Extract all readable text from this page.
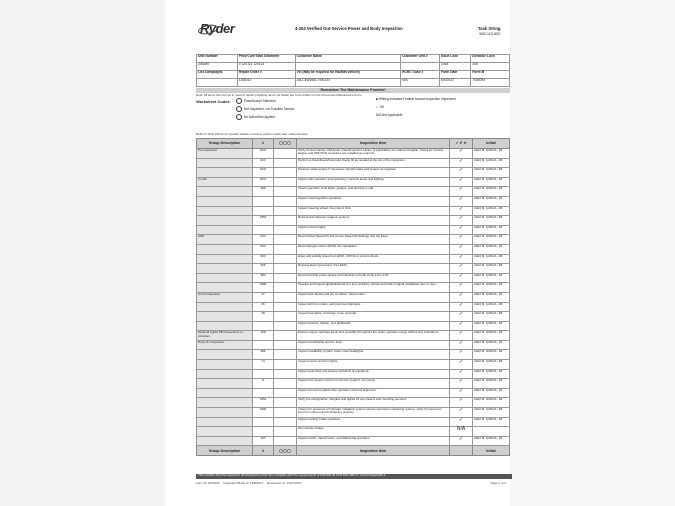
Ryder	4-254 Verified Out-Service Power and Body Inspection	Task String
995-113-652
Unit Number	Prior/Curr/Total Odometer	Customer Name	Customer Unit #	Issue Locn	Domicile Locn
345289	0 120113 120113			1018	308
List Campaigns	Repair Order #	Vin (May be required for HazMat vehicle)	RCRC Case #	Form Date	Form M
	1306111	JALC4W166L7000134	N/A	6/4/2022	7004093
Remember The Maintenance Promise!
Note: All items found to be in need of repair (including items not listed) are to be written on the Preventive Maintenance Form.
Worksheet Codes	Pass/Accept Standard
Not Inspected, not Possible Service
No Action/Not Applied
■ Writing Indicates Federal Annual Inspection Implement
✓ OK
N/A Not Applicable
Refer to SOP 160.41 for specific details on how to perform each step outlined below.
Group Description	#	◯◯◯	Inspection Item	✓ ✗ ✕	Initial
Pre-Inspection	1011		Verify Annual vehicle, PM decal, plate/inspection sticker (if applicable) are valid and legible. Check for Vehicle Engine and DPF/SCR emissions are installed as required.	✓	ALEX M. GARCIA - 1B
	643		Perform a Cleanliness/Cosmetic check, fill as needed at the tire of the inspection.	✓	ALEX M. GARCIA - 1B
	1911		Pressure wash engine if necessary, identify leaks and inspect as required.	✓	ALEX M. GARCIA - 1B
In Cab	1811		Inspect cab operation and operating / controls areas and lighting.	✓	ALEX M. GARCIA - 1B
	386		Check operation of all lights, gauges, and warning in cab.	✓	ALEX M. GARCIA - 1B
			Inspect steer/regulator operation.	✓	ALEX M. GARCIA - 1B
			Inspect steering wheel, free play in limit.	✓	ALEX M. GARCIA - 1B
	1853		Refresh and discover reagent systems.	✓	ALEX M. GARCIA - 1B
			Inspect interior lights.	✓	ALEX M. GARCIA - 1B
ASD	602		Record Fleet Speed ID and Cruise Speed ID Settings. Set the Fleet.	✓	ALEX M. GARCIA - 1B
	603		Record Engine Hours (ECM). Do calculation.	✓	ALEX M. GARCIA - 1B
	364		Enter odd vehicle notes from ECM - CPI/14 or current check.	✓	ALEX M. GARCIA - 1B
	366		Retrieve Event (pressure) from ECM.	✓	ALEX M. GARCIA - 1B
	384		Record all fault codes (active and inactive) on Fault Code Form 4-97.	✓	ALEX M. GARCIA - 1B
	2958		Operate and inspect applicable/rear (for any) auxiliary vehicle and trailer original installation item or item.	✓	ALEX M. GARCIA - 1B
Cinch Inspection	27		Inspect axle blocks and tire condition. Clean tubes.	✓	ALEX M. GARCIA - 1B
	26		Inspect all tire in place, and point tool tightness.	✓	ALEX M. GARCIA - 1B
	28		Inspect fuel tanks, crossings, hose, and cap.	✓	ALEX M. GARCIA - 1B
			Inspect all lines, hidden, and gladhands.	✓	ALEX M. GARCIA - 1B
Optional Lights PM Inspections or Activities	258		Ensure engine operates freely and smoothly throughout the entire operation range without any indications.	✓	ALEX M. GARCIA - 1B
Drive On Inspection			Inspect windshields and tire lines.	✓	ALEX M. GARCIA - 1B
	386		Inspect readability of plant mains view headlights.	✓	ALEX M. GARCIA - 1B
	74		Inspect interior and turn lights.	✓	ALEX M. GARCIA - 1B
			Inspect seat belts and sleeper restraints (if equipped).	✓	ALEX M. GARCIA - 1B
	8		Inspect first system control in lock line (repair if not noted).	✓	ALEX M. GARCIA - 1B
			Inspect all control plastic litter operation and tool alignment.	✓	ALEX M. GARCIA - 1B
	1653		Verify fire extinguisher, triangles and tighter kit are present and mounting secured.	✓	ALEX M. GARCIA - 1B
	1996		Inspect for presence of hydraulic mitigation system service electronic monitoring system, verify if present (on line) from current and functioning properly.	✓	ALEX M. GARCIA - 1B
			Inspect parking brake operation.	✓	ALEX M. GARCIA - 1B
			Test service brakes.	N/A	
	797		Inspect clutch, transmission, and differential operation.	✓	ALEX M. GARCIA - 1B
Group Description	#	◯◯◯	Inspection Item		Initial
This certifies that the inspection documented on this form complies with the requirements of FMCSR 49 CFR Part 396.17-.23 and Appendix A
Form M: 2023493 Inspection Blank Id: 14583417 Revised as of: 10/27/2021	Page 1 of 5
